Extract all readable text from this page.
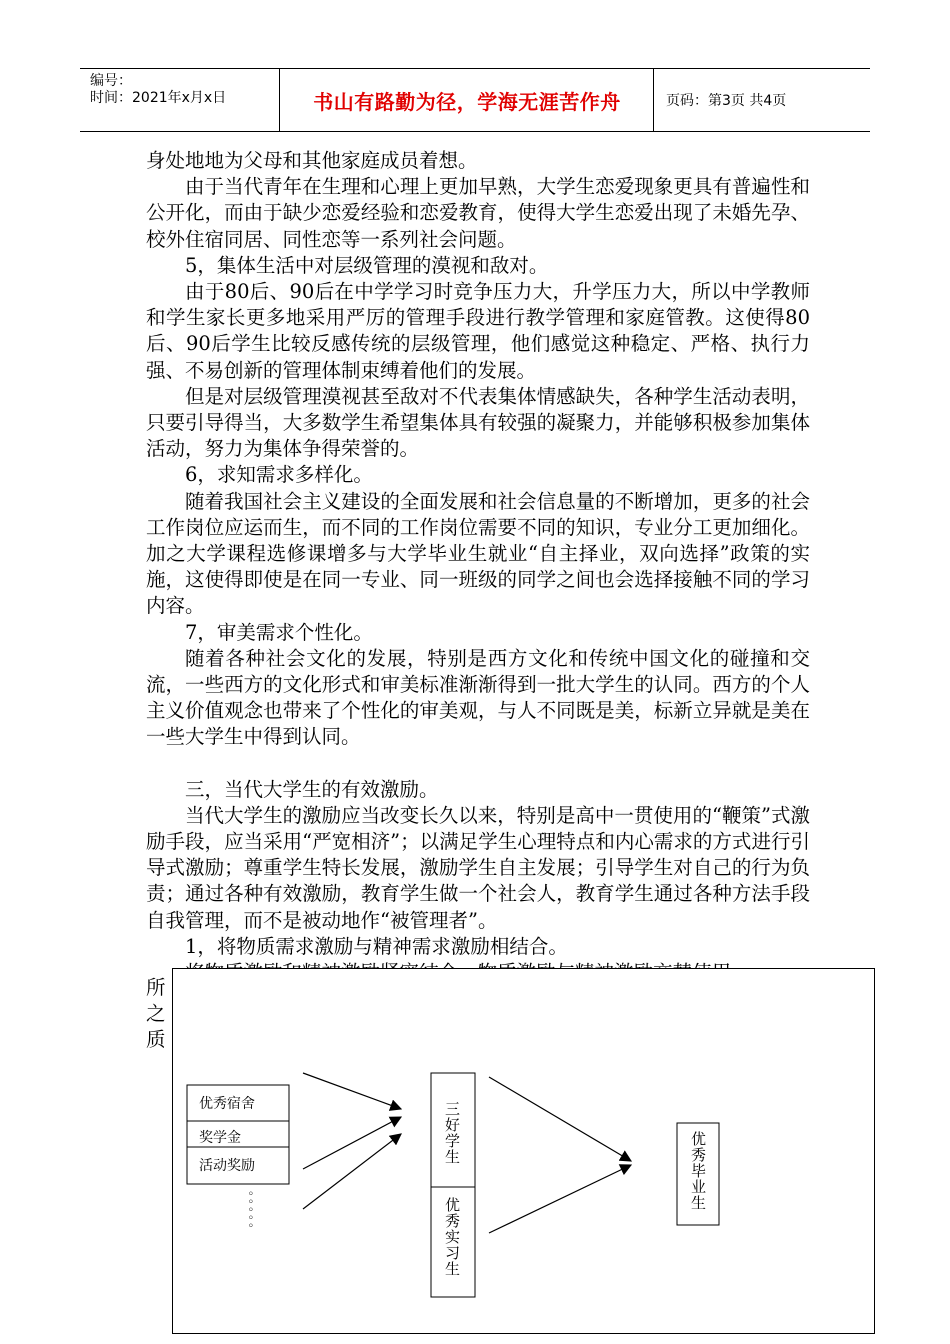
编号：
时间：2021年x月x日	书山有路勤为径，学海无涯苦作舟	页码：第3页 共4页

身处地地为父母和其他家庭成员着想。

由于当代青年在生理和心理上更加早熟，大学生恋爱现象更具有普遍性和公开化，而由于缺少恋爱经验和恋爱教育，使得大学生恋爱出现了未婚先孕、校外住宿同居、同性恋等一系列社会问题。

5，集体生活中对层级管理的漠视和敌对。

由于80后、90后在中学学习时竞争压力大，升学压力大，所以中学教师和学生家长更多地采用严厉的管理手段进行教学管理和家庭管教。这使得80后、90后学生比较反感传统的层级管理，他们感觉这种稳定、严格、执行力强、不易创新的管理体制束缚着他们的发展。

但是对层级管理漠视甚至敌对不代表集体情感缺失，各种学生活动表明，只要引导得当，大多数学生希望集体具有较强的凝聚力，并能够积极参加集体活动，努力为集体争得荣誉的。

6，求知需求多样化。

随着我国社会主义建设的全面发展和社会信息量的不断增加，更多的社会工作岗位应运而生，而不同的工作岗位需要不同的知识，专业分工更加细化。加之大学课程选修课增多与大学毕业生就业“自主择业，双向选择”政策的实施，这使得即使是在同一专业、同一班级的同学之间也会选择接触不同的学习内容。

7，审美需求个性化。

随着各种社会文化的发展，特别是西方文化和传统中国文化的碰撞和交流，一些西方的文化形式和审美标准渐渐得到一批大学生的认同。西方的个人主义价值观念也带来了个性化的审美观，与人不同既是美，标新立异就是美在一些大学生中得到认同。

三，当代大学生的有效激励。

当代大学生的激励应当改变长久以来，特别是高中一贯使用的“鞭策”式激励手段，应当采用“严宽相济”；以满足学生心理特点和内心需求的方式进行引导式激励；尊重学生特长发展，激励学生自主发展；引导学生对自己的行为负责；通过各种有效激励，教育学生做一个社会人，教育学生通过各种方法手段自我管理，而不是被动地作“被管理者”。

1，将物质需求激励与精神需求激励相结合。

所
之
质
优秀宿舍
奖学金
活动奖励
。。。。。
三好学生
优秀实习生
优秀毕业生
